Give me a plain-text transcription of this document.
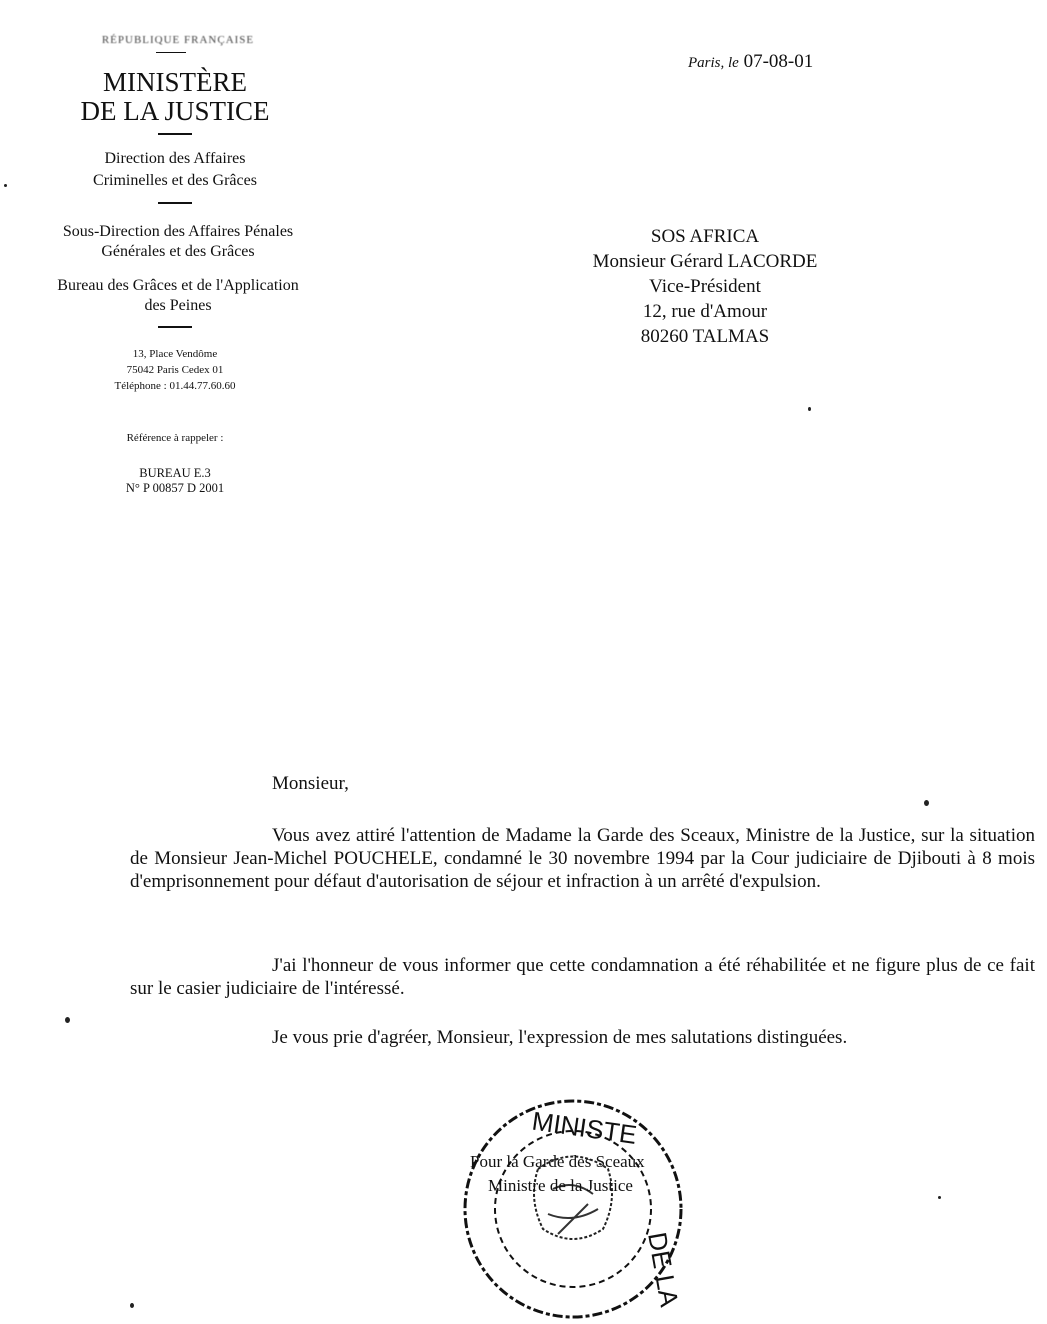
RÉPUBLIQUE FRANÇAISE
MINISTÈRE
DE LA JUSTICE
Direction des Affaires
Criminelles et des Grâces
Sous-Direction des Affaires Pénales
Générales et des Grâces
Bureau des Grâces et de l'Application
des Peines
13, Place Vendôme
75042 Paris Cedex 01
Téléphone : 01.44.77.60.60
Référence à rappeler :
BUREAU E.3
N° P 00857 D 2001
Paris, le 07-08-01
SOS AFRICA
Monsieur Gérard LACORDE
Vice-Président
12, rue d'Amour
80260 TALMAS
Monsieur,
Vous avez attiré l'attention de Madame la Garde des Sceaux, Ministre de la Justice, sur la situation de Monsieur Jean-Michel POUCHELE, condamné le 30 novembre 1994 par la Cour judiciaire de Djibouti à 8 mois d'emprisonnement pour défaut d'autorisation de séjour et infraction à un arrêté d'expulsion.
J'ai l'honneur de vous informer que cette condamnation a été réhabilitée et ne figure plus de ce fait sur le casier judiciaire de l'intéressé.
Je vous prie d'agréer, Monsieur, l'expression de mes salutations distinguées.
MINISTE
DE LA
Pour la Garde des Sceaux
Ministre de la Justice
